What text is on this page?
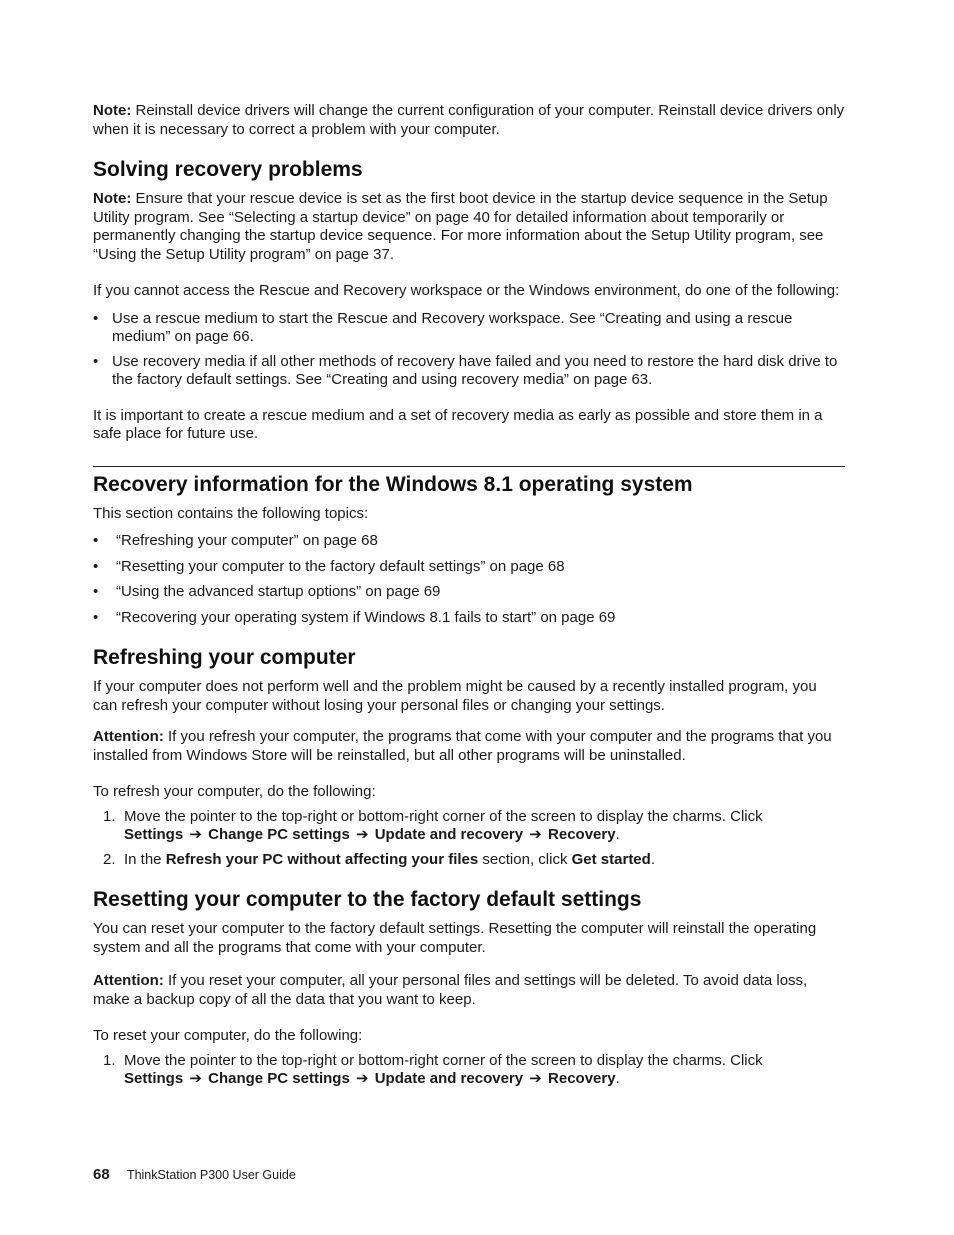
Note: Reinstall device drivers will change the current configuration of your computer. Reinstall device drivers only when it is necessary to correct a problem with your computer.

Solving recovery problems

Note: Ensure that your rescue device is set as the first boot device in the startup device sequence in the Setup Utility program. See “Selecting a startup device” on page 40 for detailed information about temporarily or permanently changing the startup device sequence. For more information about the Setup Utility program, see “Using the Setup Utility program” on page 37.

If you cannot access the Rescue and Recovery workspace or the Windows environment, do one of the following:

• Use a rescue medium to start the Rescue and Recovery workspace. See “Creating and using a rescue medium” on page 66.
• Use recovery media if all other methods of recovery have failed and you need to restore the hard disk drive to the factory default settings. See “Creating and using recovery media” on page 63.

It is important to create a rescue medium and a set of recovery media as early as possible and store them in a safe place for future use.

Recovery information for the Windows 8.1 operating system

This section contains the following topics:

• “Refreshing your computer” on page 68
• “Resetting your computer to the factory default settings” on page 68
• “Using the advanced startup options” on page 69
• “Recovering your operating system if Windows 8.1 fails to start” on page 69
Refreshing your computer

If your computer does not perform well and the problem might be caused by a recently installed program, you can refresh your computer without losing your personal files or changing your settings.

Attention: If you refresh your computer, the programs that come with your computer and the programs that you installed from Windows Store will be reinstalled, but all other programs will be uninstalled.

To refresh your computer, do the following:

1. Move the pointer to the top-right or bottom-right corner of the screen to display the charms. Click
Settings ➔ Change PC settings ➔ Update and recovery ➔ Recovery.
2. In the Refresh your PC without affecting your files section, click Get started.
Resetting your computer to the factory default settings

You can reset your computer to the factory default settings. Resetting the computer will reinstall the operating system and all the programs that come with your computer.

Attention: If you reset your computer, all your personal files and settings will be deleted. To avoid data loss, make a backup copy of all the data that you want to keep.

To reset your computer, do the following:

1. Move the pointer to the top-right or bottom-right corner of the screen to display the charms. Click
Settings ➔ Change PC settings ➔ Update and recovery ➔ Recovery.
68 ThinkStation P300 User Guide
